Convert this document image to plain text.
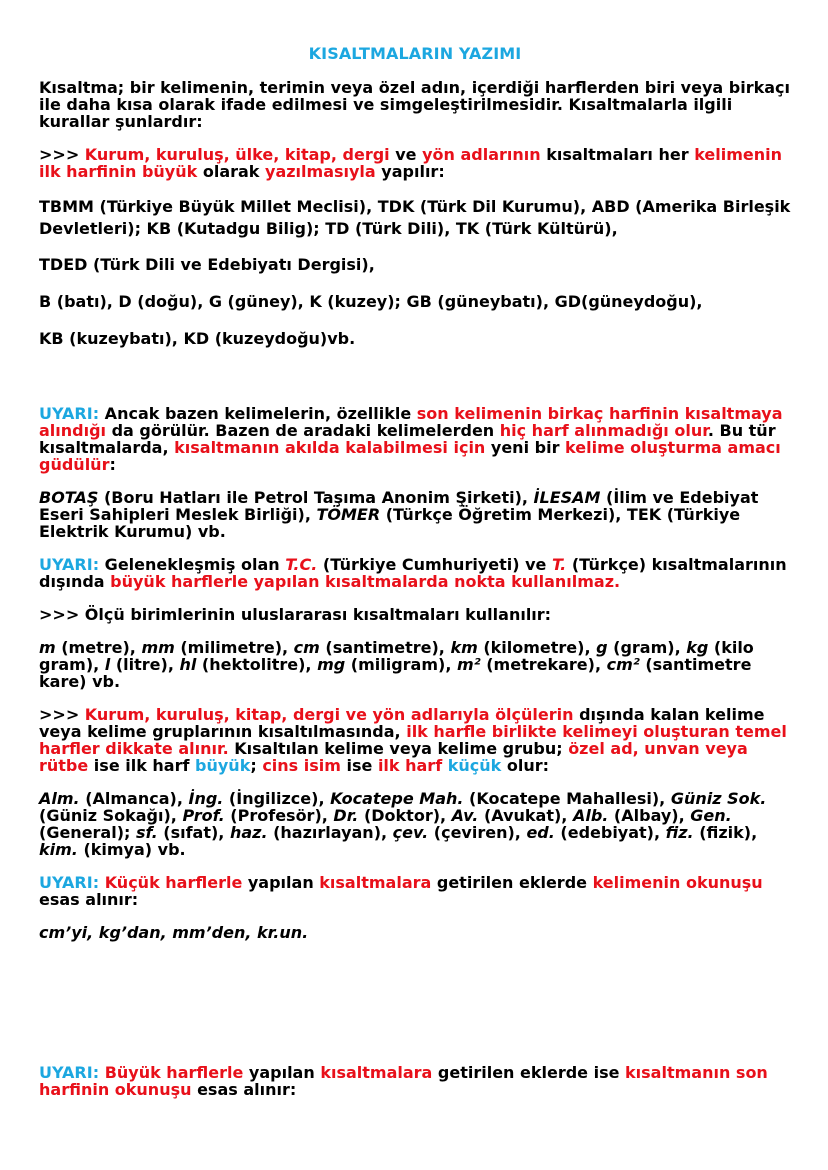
KISALTMALARIN YAZIMI

Kısaltma; bir kelimenin, terimin veya özel adın, içerdiği harflerden biri veya birkaçı ile daha kısa olarak ifade edilmesi ve simgeleştirilmesidir. Kısaltmalarla ilgili kurallar şunlardır:

>>> Kurum, kuruluş, ülke, kitap, dergi ve yön adlarının kısaltmaları her kelimenin ilk harfinin büyük olarak yazılmasıyla yapılır:

TBMM (Türkiye Büyük Millet Meclisi), TDK (Türk Dil Kurumu), ABD (Amerika Birleşik Devletleri); KB (Kutadgu Bilig); TD (Türk Dili), TK (Türk Kültürü),

TDED (Türk Dili ve Edebiyatı Dergisi),

B (batı), D (doğu), G (güney), K (kuzey); GB (güneybatı), GD(güneydoğu),

KB (kuzeybatı), KD (kuzeydoğu)vb.

UYARI: Ancak bazen kelimelerin, özellikle son kelimenin birkaç harfinin kısaltmaya alındığı da görülür. Bazen de aradaki kelimelerden hiç harf alınmadığı olur. Bu tür kısaltmalarda, kısaltmanın akılda kalabilmesi için yeni bir kelime oluşturma amacı güdülür:

BOTAŞ (Boru Hatları ile Petrol Taşıma Anonim Şirketi), İLESAM (İlim ve Edebiyat Eseri Sahipleri Meslek Birliği), TÖMER (Türkçe Öğretim Merkezi), TEK (Türkiye Elektrik Kurumu) vb.

UYARI: Gelenekleşmiş olan T.C. (Türkiye Cumhuriyeti) ve T. (Türkçe) kısaltmalarının dışında büyük harflerle yapılan kısaltmalarda nokta kullanılmaz.

>>> Ölçü birimlerinin uluslararası kısaltmaları kullanılır:

m (metre), mm (milimetre), cm (santimetre), km (kilometre), g (gram), kg (kilo gram), l (litre), hl (hektolitre), mg (miligram), m² (metrekare), cm² (santimetre kare) vb.

>>> Kurum, kuruluş, kitap, dergi ve yön adlarıyla ölçülerin dışında kalan kelime veya kelime gruplarının kısaltılmasında, ilk harfle birlikte kelimeyi oluşturan temel harfler dikkate alınır. Kısaltılan kelime veya kelime grubu; özel ad, unvan veya rütbe ise ilk harf büyük; cins isim ise ilk harf küçük olur:

Alm. (Almanca), İng. (İngilizce), Kocatepe Mah. (Kocatepe Mahallesi), Güniz Sok. (Güniz Sokağı), Prof. (Profesör), Dr. (Doktor), Av. (Avukat), Alb. (Albay), Gen. (General); sf. (sıfat), haz. (hazırlayan), çev. (çeviren), ed. (edebiyat), fiz. (fizik), kim. (kimya) vb.

UYARI: Küçük harflerle yapılan kısaltmalara getirilen eklerde kelimenin okunuşu esas alınır:

cm’yi, kg’dan, mm’den, kr.un.

UYARI: Büyük harflerle yapılan kısaltmalara getirilen eklerde ise kısaltmanın son harfinin okunuşu esas alınır:
